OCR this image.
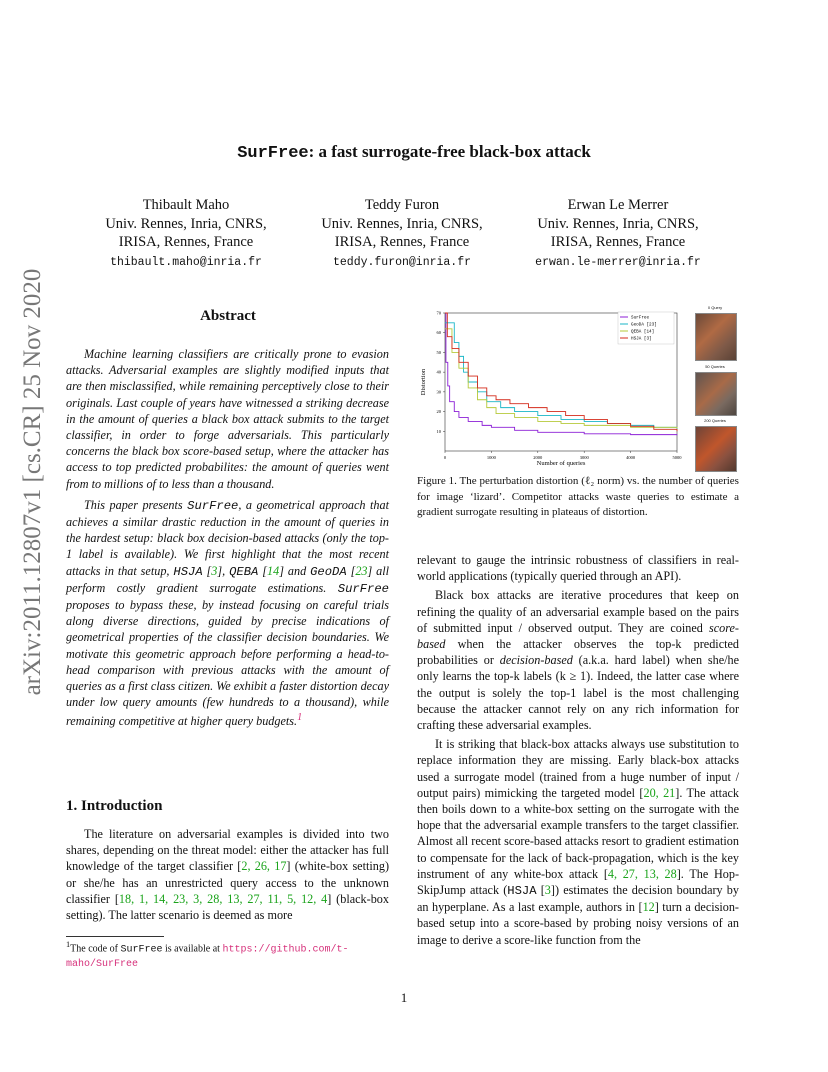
arXiv:2011.12807v1 [cs.CR] 25 Nov 2020
SurFree: a fast surrogate-free black-box attack
Thibault Maho
Univ. Rennes, Inria, CNRS,
IRISA, Rennes, France
thibault.maho@inria.fr
Teddy Furon
Univ. Rennes, Inria, CNRS,
IRISA, Rennes, France
teddy.furon@inria.fr
Erwan Le Merrer
Univ. Rennes, Inria, CNRS,
IRISA, Rennes, France
erwan.le-merrer@inria.fr
Abstract

Machine learning classifiers are critically prone to evasion attacks. Adversarial examples are slightly modified inputs that are then misclassified, while remaining perceptively close to their originals. Last couple of years have witnessed a striking decrease in the amount of queries a black box attack submits to the target classifier, in order to forge adversarials. This particularly concerns the black box score-based setup, where the attacker has access to top predicted probabilites: the amount of queries went from to millions of to less than a thousand.

This paper presents SurFree, a geometrical approach that achieves a similar drastic reduction in the amount of queries in the hardest setup: black box decision-based attacks (only the top-1 label is available). We first highlight that the most recent attacks in that setup, HSJA [3], QEBA [14] and GeoDA [23] all perform costly gradient surrogate estimations. SurFree proposes to bypass these, by instead focusing on careful trials along diverse directions, guided by precise indications of geometrical properties of the classifier decision boundaries. We motivate this geometric approach before performing a head-to-head comparison with previous attacks with the amount of queries as a first class citizen. We exhibit a faster distortion decay under low query amounts (few hundreds to a thousand), while remaining competitive at higher query budgets.$^1$

1. Introduction

The literature on adversarial examples is divided into two shares, depending on the threat model: either the attacker has full knowledge of the target classifier [2, 26, 17] (white-box setting) or she/he has an unrestricted query access to the unknown classifier [18, 1, 14, 23, 3, 28, 13, 27, 11, 5, 12, 4] (black-box setting). The latter scenario is deemed as more

$^1$The code of SurFree is available at https://github.com/t-maho/SurFree
0	1000	2000	3000	4000	5000
10
20
30
40
50
60
70
Number of queries
Distortion
SurFree
GeoDA [23]
QEBA [14]
HSJA [3]
0 Query
50 Queries
200 Queries
Figure 1. The perturbation distortion (ℓ₂ norm) vs. the number of queries for image ‘lizard’. Competitor attacks waste queries to estimate a gradient surrogate resulting in plateaus of distortion.

relevant to gauge the intrinsic robustness of classifiers in real-world applications (typically queried through an API).

Black box attacks are iterative procedures that keep on refining the quality of an adversarial example based on the pairs of submitted input / observed output. They are coined score-based when the attacker observes the top-k predicted probabilities or decision-based (a.k.a. hard label) when she/he only learns the top-k labels (k ≥ 1). Indeed, the latter case where the output is solely the top-1 label is the most challenging because the attacker cannot rely on any rich information for crafting these adversarial examples.

It is striking that black-box attacks always use substitution to replace information they are missing. Early black-box attacks used a surrogate model (trained from a huge number of input / output pairs) mimicking the targeted model [20, 21]. The attack then boils down to a white-box setting on the surrogate with the hope that the adversarial example transfers to the target classifier. Almost all recent score-based attacks resort to gradient estimation to compensate for the lack of back-propagation, which is the key instrument of any white-box attack [4, 27, 13, 28]. The Hop-SkipJump attack (HSJA [3]) estimates the decision boundary by an hyperplane. As a last example, authors in [12] turn a decision-based setup into a score-based by probing noisy versions of an image to derive a score-like function from the

1
